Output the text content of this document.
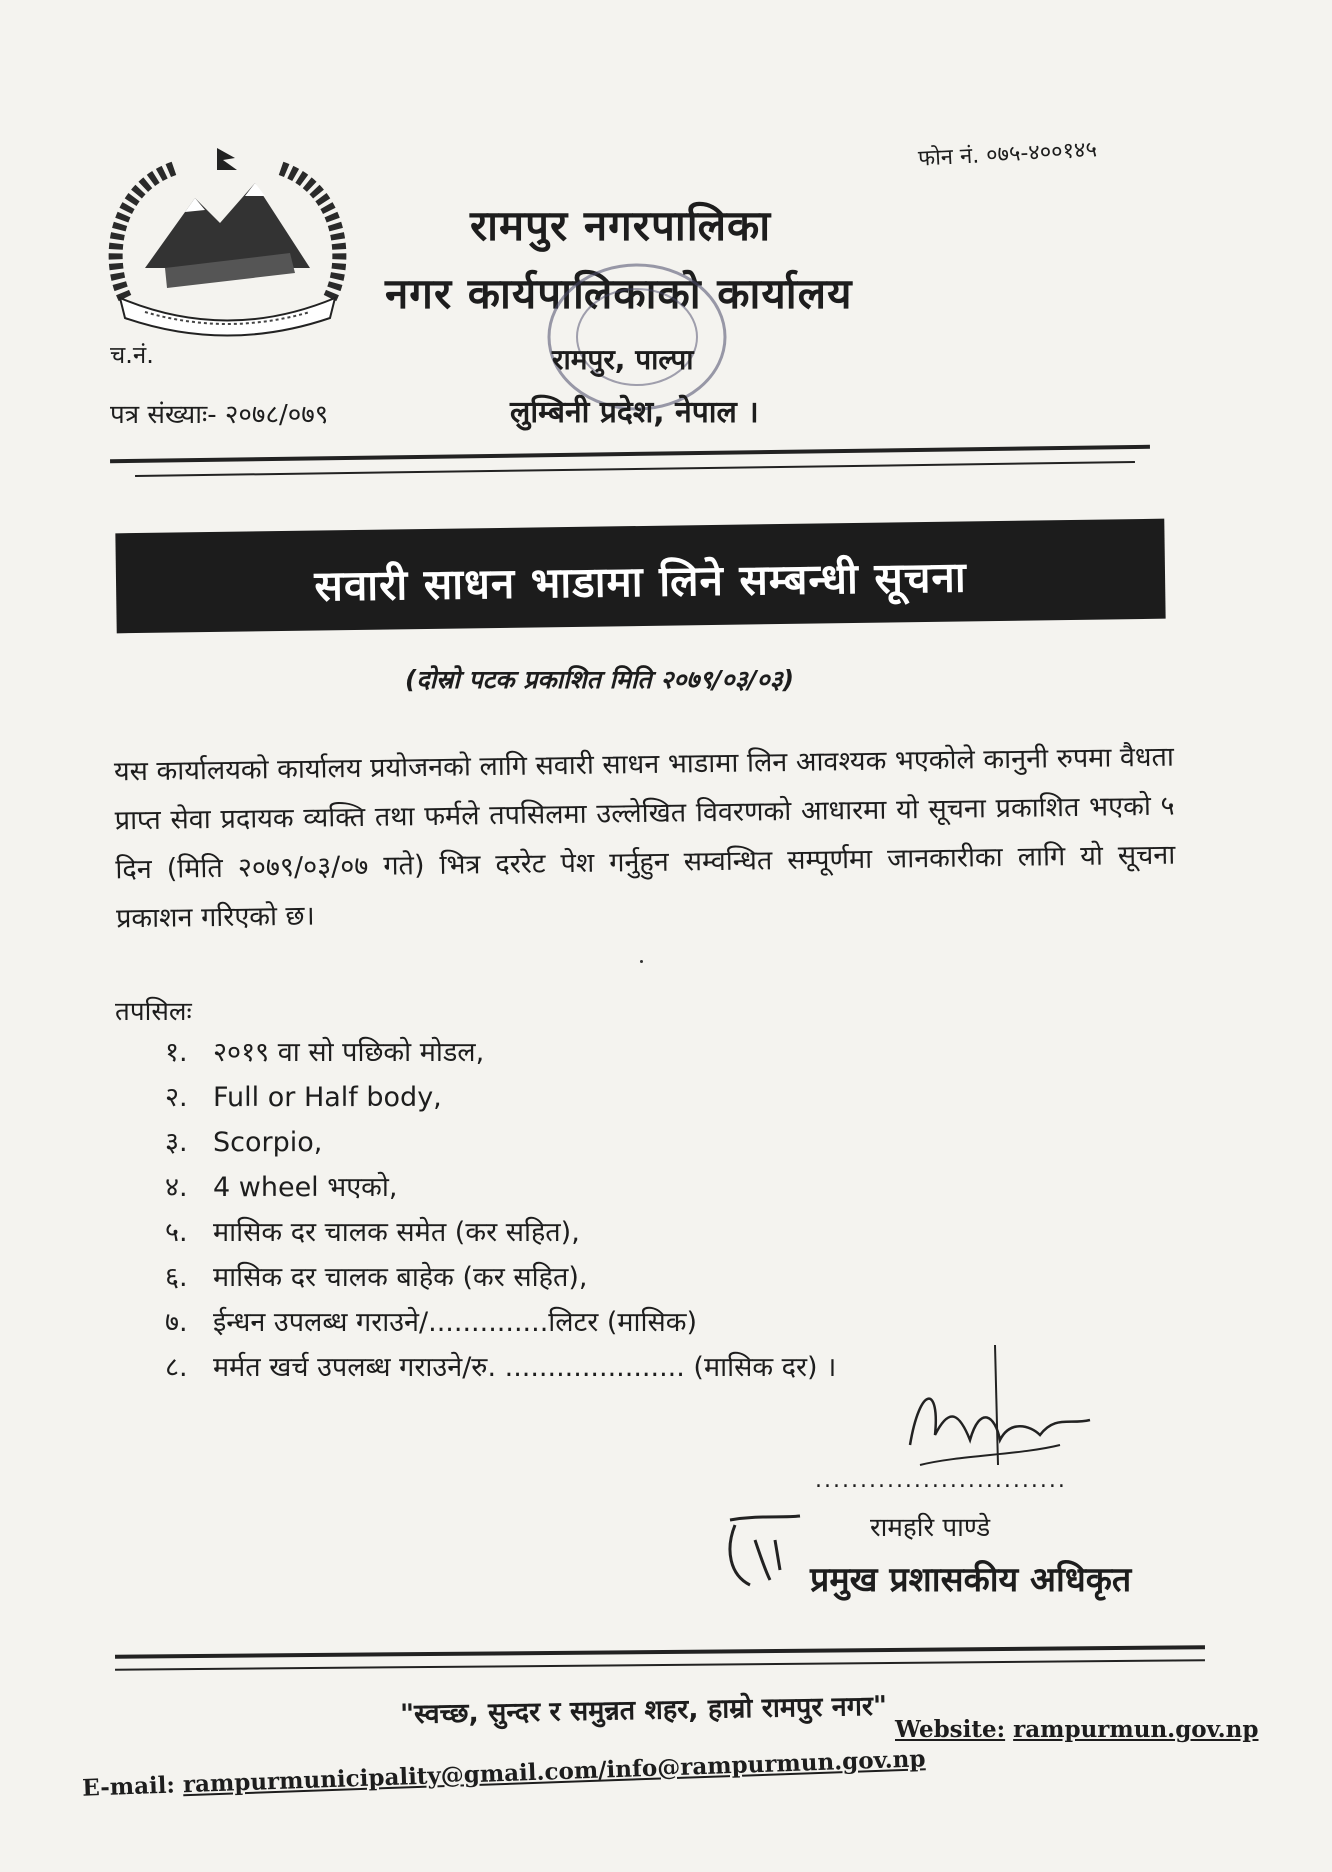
फोन नं. ०७५-४००१४५
रामपुर नगरपालिका
नगर कार्यपालिकाको कार्यालय
रामपुर, पाल्पा
लुम्बिनी प्रदेश, नेपाल ।
च.नं.
पत्र संख्याः- २०७८/०७९
सवारी साधन भाडामा लिने सम्बन्धी सूचना
(दोस्रो पटक प्रकाशित मिति २०७९/०३/०३)
यस कार्यालयको कार्यालय प्रयोजनको लागि सवारी साधन भाडामा लिन आवश्यक भएकोले कानुनी रुपमा वैधता प्राप्त सेवा प्रदायक व्यक्ति तथा फर्मले तपसिलमा उल्लेखित विवरणको आधारमा यो सूचना प्रकाशित भएको ५ दिन (मिति २०७९/०३/०७ गते) भित्र दररेट पेश गर्नुहुन सम्वन्धित सम्पूर्णमा जानकारीका लागि यो सूचना प्रकाशन गरिएको छ।
तपसिलः
१. २०१९ वा सो पछिको मोडल,
२. Full or Half body,
३. Scorpio,
४. 4 wheel भएको,
५. मासिक दर चालक समेत (कर सहित),
६. मासिक दर चालक बाहेक (कर सहित),
७. ईन्धन उपलब्ध गराउने/..............लिटर (मासिक)
८. मर्मत खर्च उपलब्ध गराउने/रु. ..................... (मासिक दर) ।
............................
रामहरि पाण्डे
प्रमुख प्रशासकीय अधिकृत
"स्वच्छ, सुन्दर र समुन्नत शहर, हाम्रो रामपुर नगर" Website: rampurmun.gov.np
E-mail: rampurmunicipality@gmail.com/info@rampurmun.gov.np
